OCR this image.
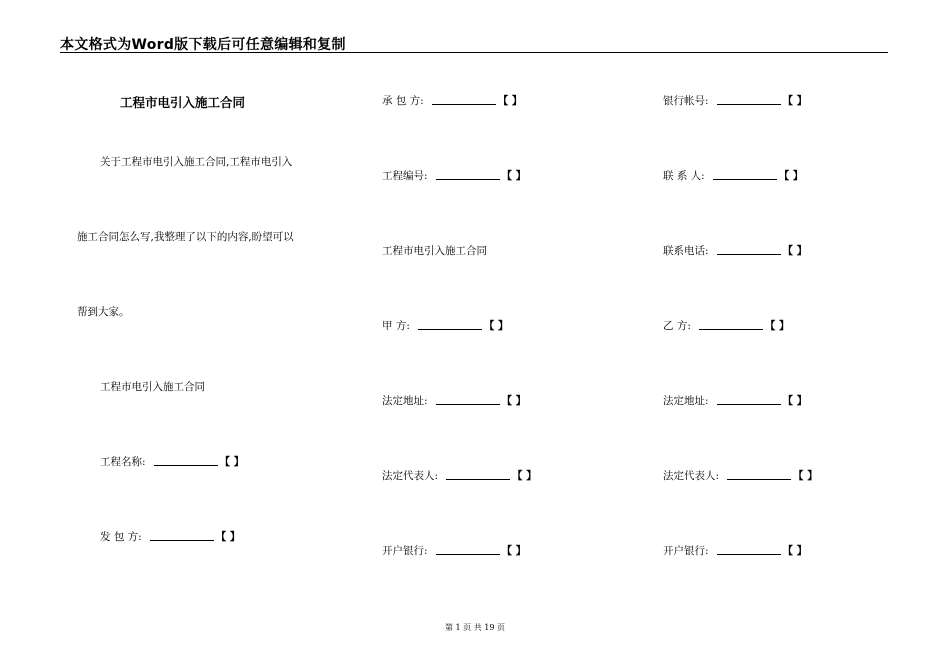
本文格式为Word版下载后可任意编辑和复制
工程市电引入施工合同
关于工程市电引入施工合同,工程市电引入
施工合同怎么写,我整理了以下的内容,盼望可以
帮到大家。
工程市电引入施工合同
工程名称:	【 】
发 包 方:	【 】
承 包 方:	【 】
工程编号:	【 】
工程市电引入施工合同
甲 方:	【 】
法定地址:	【 】
法定代表人:	【 】
开户银行:	【 】
银行帐号:	【 】
联 系 人:	【 】
联系电话:	【 】
乙 方:	【 】
法定地址:	【 】
法定代表人:	【 】
开户银行:	【 】
第 1 页 共 19 页
